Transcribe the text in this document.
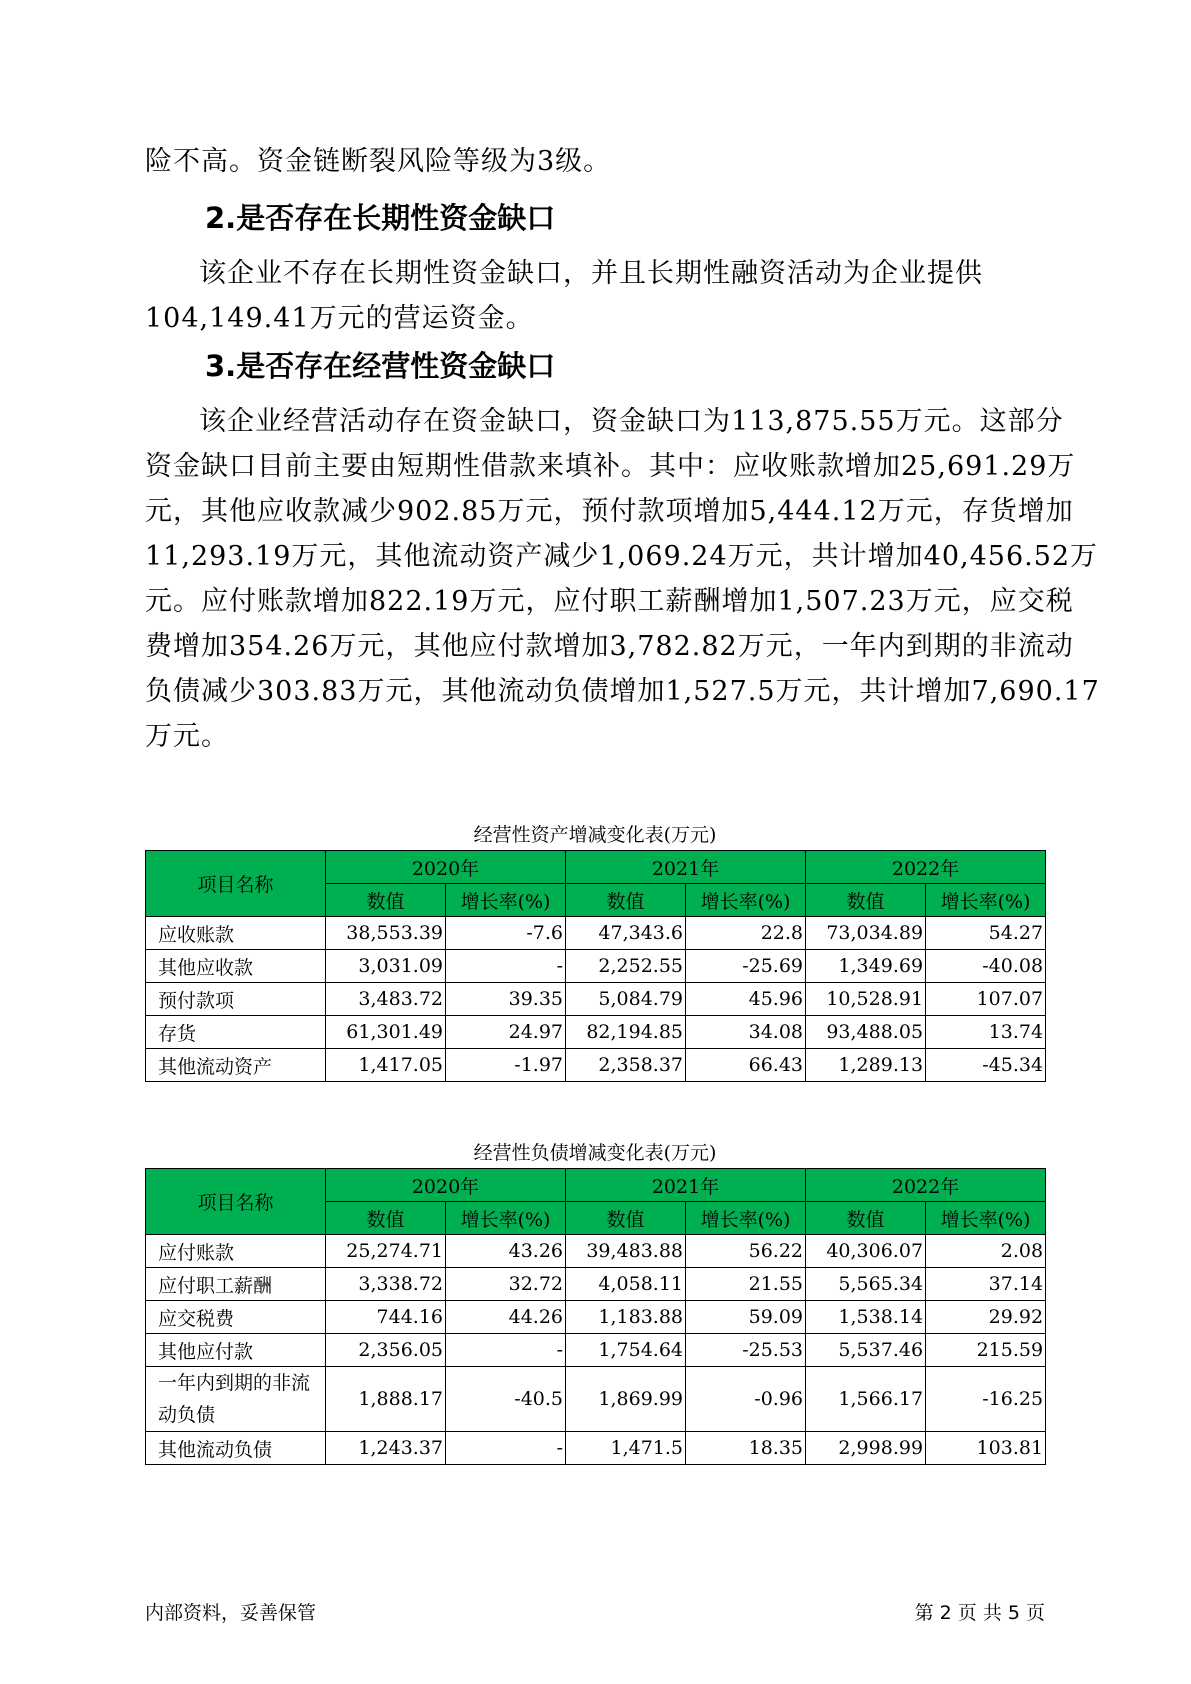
险不高。资金链断裂风险等级为3级。
2.是否存在长期性资金缺口
该企业不存在长期性资金缺口，并且长期性融资活动为企业提供
104,149.41万元的营运资金。
3.是否存在经营性资金缺口
该企业经营活动存在资金缺口，资金缺口为113,875.55万元。这部分
资金缺口目前主要由短期性借款来填补。其中：应收账款增加25,691.29万
元，其他应收款减少902.85万元，预付款项增加5,444.12万元，存货增加
11,293.19万元，其他流动资产减少1,069.24万元，共计增加40,456.52万
元。应付账款增加822.19万元，应付职工薪酬增加1,507.23万元，应交税
费增加354.26万元，其他应付款增加3,782.82万元，一年内到期的非流动
负债减少303.83万元，其他流动负债增加1,527.5万元，共计增加7,690.17
万元。
经营性资产增减变化表(万元)
项目名称	2020年		2021年		2022年	
	数值	增长率(%)	数值	增长率(%)	数值	增长率(%)
应收账款	38,553.39	-7.6	47,343.6	22.8	73,034.89	54.27
其他应收款	3,031.09	-	2,252.55	-25.69	1,349.69	-40.08
预付款项	3,483.72	39.35	5,084.79	45.96	10,528.91	107.07
存货	61,301.49	24.97	82,194.85	34.08	93,488.05	13.74
其他流动资产	1,417.05	-1.97	2,358.37	66.43	1,289.13	-45.34
经营性负债增减变化表(万元)
项目名称	2020年		2021年		2022年	
	数值	增长率(%)	数值	增长率(%)	数值	增长率(%)
应付账款	25,274.71	43.26	39,483.88	56.22	40,306.07	2.08
应付职工薪酬	3,338.72	32.72	4,058.11	21.55	5,565.34	37.14
应交税费	744.16	44.26	1,183.88	59.09	1,538.14	29.92
其他应付款	2,356.05	-	1,754.64	-25.53	5,537.46	215.59
一年内到期的非流动负债	1,888.17	-40.5	1,869.99	-0.96	1,566.17	-16.25
其他流动负债	1,243.37	-	1,471.5	18.35	2,998.99	103.81
内部资料，妥善保管	第 2 页 共 5 页
